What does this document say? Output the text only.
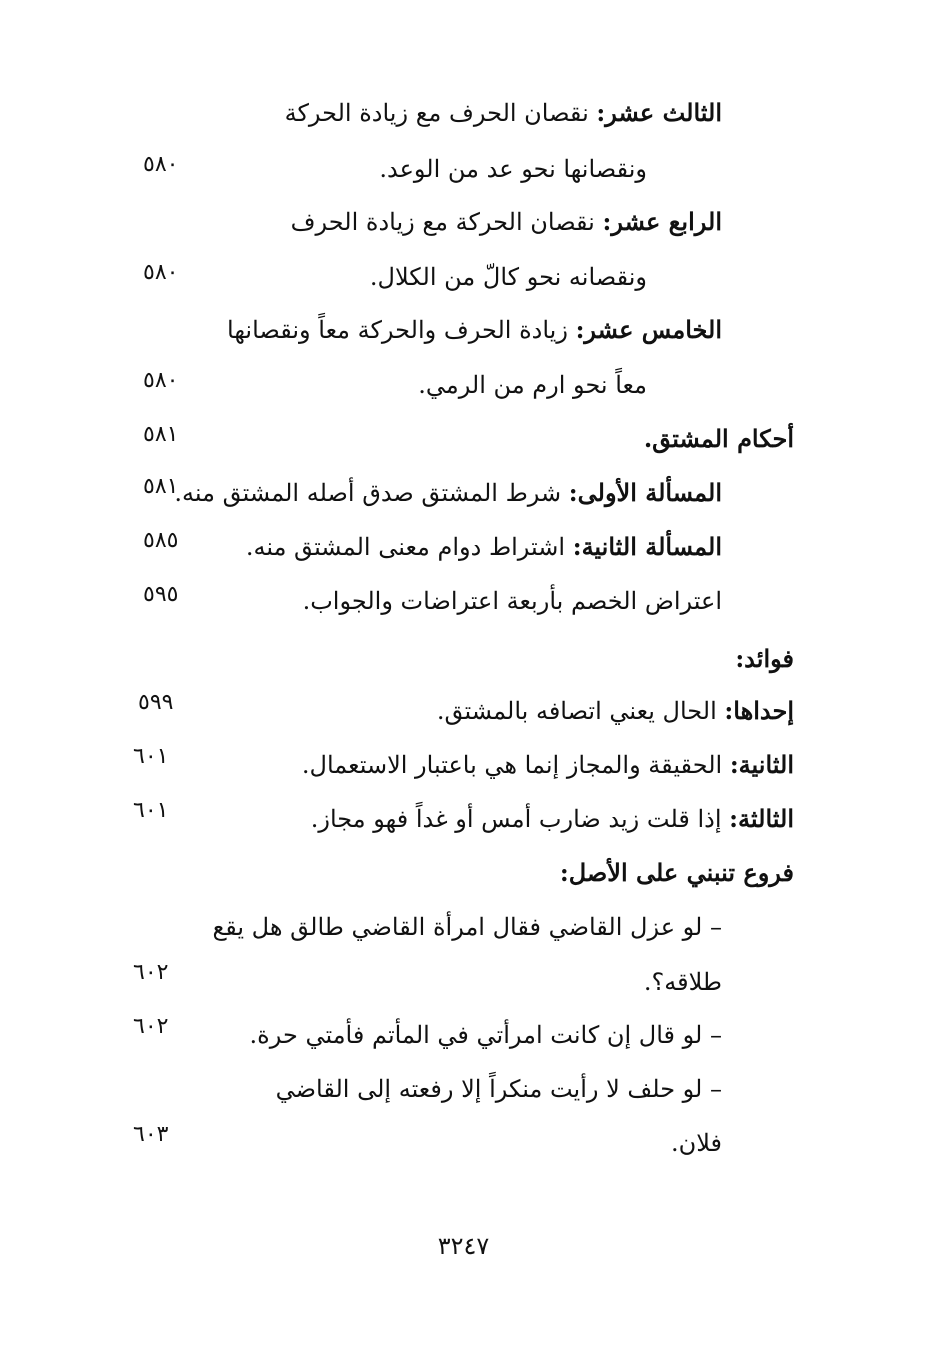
الثالث عشر: نقصان الحرف مع زيادة الحركة
ونقصانها نحو عد من الوعد.
الرابع عشر: نقصان الحركة مع زيادة الحرف
ونقصانه نحو كالّ من الكلال.
الخامس عشر: زيادة الحرف والحركة معاً ونقصانها
معاً نحو ارم من الرمي.
أحكام المشتق.
المسألة الأولى: شرط المشتق صدق أصله المشتق منه.
المسألة الثانية: اشتراط دوام معنى المشتق منه.
اعتراض الخصم بأربعة اعتراضات والجواب.
فوائد:
إحداها: الحال يعني اتصافه بالمشتق.
الثانية: الحقيقة والمجاز إنما هي باعتبار الاستعمال.
الثالثة: إذا قلت زيد ضارب أمس أو غداً فهو مجاز.
فروع تنبني على الأصل:
– لو عزل القاضي فقال امرأة القاضي طالق هل يقع
طلاقه؟.
– لو قال إن كانت امرأتي في المأتم فأمتي حرة.
– لو حلف لا رأيت منكراً إلا رفعته إلى القاضي
فلان.
٥٨٠
٥٨٠
٥٨٠
٥٨١
٥٨١
٥٨٥
٥٩٥
٥٩٩
٦٠١
٦٠١
٦٠٢
٦٠٢
٦٠٣
٣٢٤٧
